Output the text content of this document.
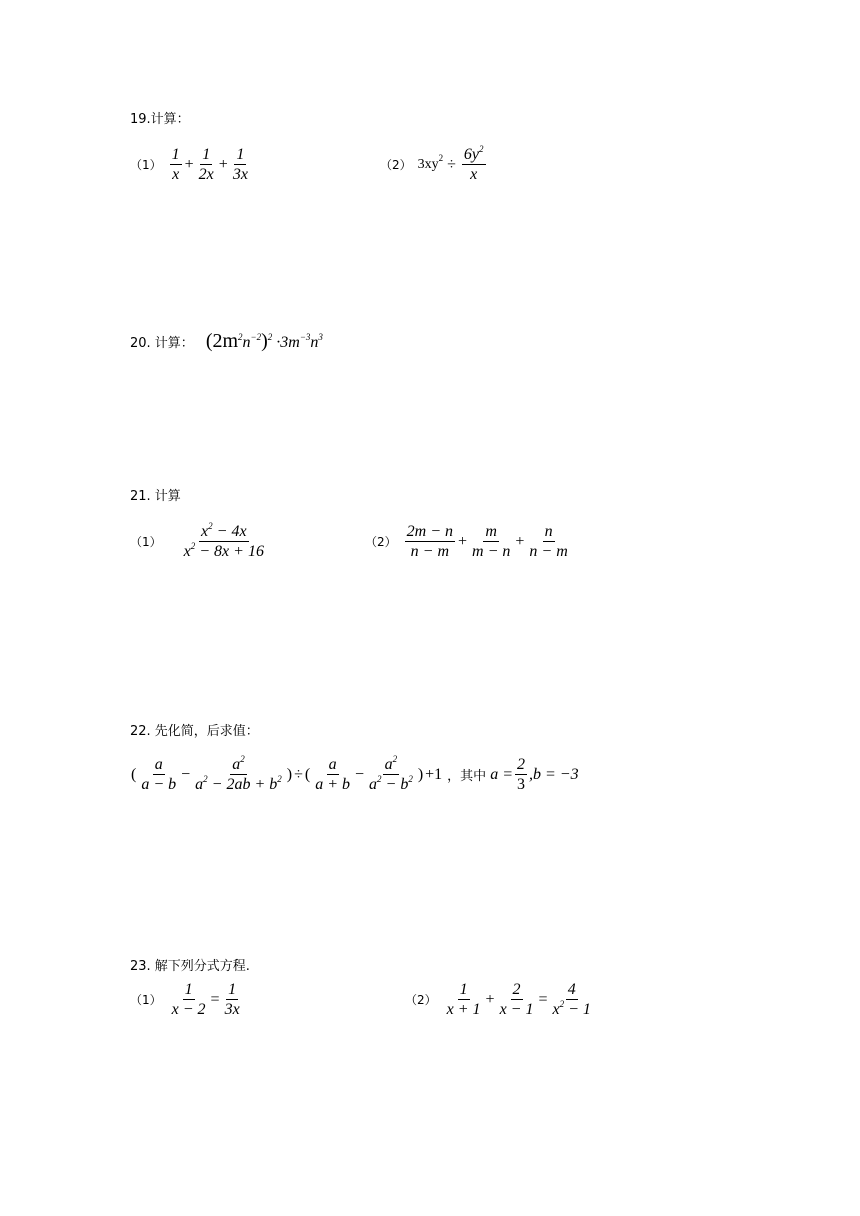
19.计算：
$(1) \frac{1}{x} + \frac{1}{2x} + \frac{1}{3x}$	（2） $3xy^2 \div \frac{6y^2}{x}$
20. 计算： $(2m^2n^{-2})^2 \cdot 3m^{-3}n^3$
21. 计算
$(1) \frac{x^2 - 4x}{x^2 - 8x + 16}$	$(2) \frac{2m - n}{n - m} + \frac{m}{m - n} + \frac{n}{n - m}$
22. 先化简，后求值：
( $\frac{a}{a - b} - \frac{a^2}{a^2 - 2ab + b^2}$ ) ÷ ( $\frac{a}{a + b} - \frac{a^2}{a^2 - b^2}$ ) +1 ，其中 $a = \frac{2}{3} ,b = -3$
23. 解下列分式方程.
$(1) \frac{1}{x - 2} = \frac{1}{3x}$	$(2) \frac{1}{x + 1} + \frac{2}{x - 1} = \frac{4}{x^2 - 1}$
